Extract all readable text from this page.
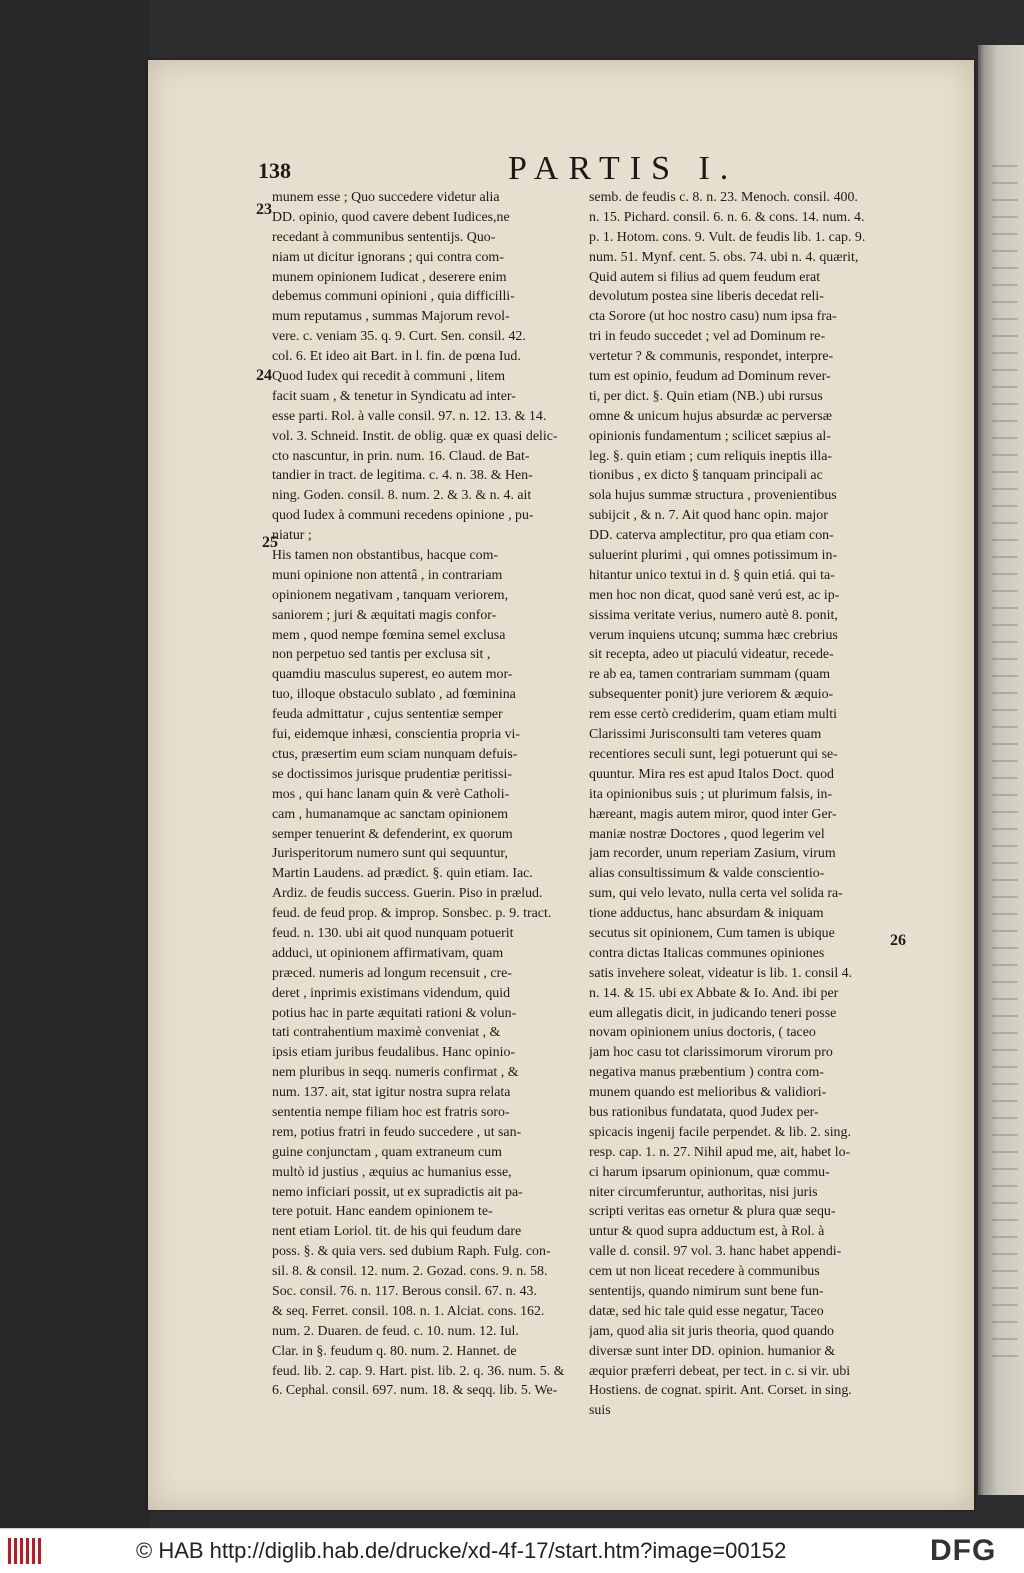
138	PARTIS I.
23
24
25
26
munem esse ; Quo succedere videtur alia
DD. opinio, quod cavere debent Iudices,ne
recedant à communibus sententijs. Quo-
niam ut dicitur ignorans ; qui contra com-
munem opinionem Iudicat , deserere enim
debemus communi opinioni , quia difficilli-
mum reputamus , summas Majorum revol-
vere. c. veniam 35. q. 9. Curt. Sen. consil. 42.
col. 6. Et ideo ait Bart. in l. fin. de pœna Iud.
Quod Iudex qui recedit à communi , litem
facit suam , & tenetur in Syndicatu ad inter-
esse parti. Rol. à valle consil. 97. n. 12. 13. & 14.
vol. 3. Schneid. Instit. de oblig. quæ ex quasi delic-
cto nascuntur, in prin. num. 16. Claud. de Bat-
tandier in tract. de legitima. c. 4. n. 38. & Hen-
ning. Goden. consil. 8. num. 2. & 3. & n. 4. ait
quod Iudex à communi recedens opinione , pu-
niatur ;
His tamen non obstantibus, hacque com-
muni opinione non attentâ , in contrariam
opinionem negativam , tanquam veriorem,
saniorem ; juri & æquitati magis confor-
mem , quod nempe fœmina semel exclusa
non perpetuo sed tantis per exclusa sit ,
quamdiu masculus superest, eo autem mor-
tuo, illoque obstaculo sublato , ad fœminina
feuda admittatur , cujus sententiæ semper
fui, eidemque inhæsi, conscientia propria vi-
ctus, præsertim eum sciam nunquam defuis-
se doctissimos jurisque prudentiæ peritissi-
mos , qui hanc lanam quin & verè Catholi-
cam , humanamque ac sanctam opinionem
semper tenuerint & defenderint, ex quorum
Jurisperitorum numero sunt qui sequuntur,
Martin Laudens. ad prædict. §. quin etiam. Iac.
Ardiz. de feudis success. Guerin. Piso in prælud.
feud. de feud prop. & improp. Sonsbec. p. 9. tract.
feud. n. 130. ubi ait quod nunquam potuerit
adduci, ut opinionem affirmativam, quam
præced. numeris ad longum recensuit , cre-
deret , inprimis existimans videndum, quid
potius hac in parte æquitati rationi & volun-
tati contrahentium maximè conveniat , &
ipsis etiam juribus feudalibus. Hanc opinio-
nem pluribus in seqq. numeris confirmat , &
num. 137. ait, stat igitur nostra supra relata
sententia nempe filiam hoc est fratris soro-
rem, potius fratri in feudo succedere , ut san-
guine conjunctam , quam extraneum cum
multò id justius , æquius ac humanius esse,
nemo inficiari possit, ut ex supradictis ait pa-
tere potuit. Hanc eandem opinionem te-
nent etiam Loriol. tit. de his qui feudum dare
poss. §. & quia vers. sed dubium Raph. Fulg. con-
sil. 8. & consil. 12. num. 2. Gozad. cons. 9. n. 58.
Soc. consil. 76. n. 117. Berous consil. 67. n. 43.
& seq. Ferret. consil. 108. n. 1. Alciat. cons. 162.
num. 2. Duaren. de feud. c. 10. num. 12. Iul.
Clar. in §. feudum q. 80. num. 2. Hannet. de
feud. lib. 2. cap. 9. Hart. pist. lib. 2. q. 36. num. 5. &
6. Cephal. consil. 697. num. 18. & seqq. lib. 5. We-
semb. de feudis c. 8. n. 23. Menoch. consil. 400.
n. 15. Pichard. consil. 6. n. 6. & cons. 14. num. 4.
p. 1. Hotom. cons. 9. Vult. de feudis lib. 1. cap. 9.
num. 51. Mynf. cent. 5. obs. 74. ubi n. 4. quærit,
Quid autem si filius ad quem feudum erat
devolutum postea sine liberis decedat reli-
cta Sorore (ut hoc nostro casu) num ipsa fra-
tri in feudo succedet ; vel ad Dominum re-
vertetur ? & communis, respondet, interpre-
tum est opinio, feudum ad Dominum rever-
ti, per dict. §. Quin etiam (NB.) ubi rursus
omne & unicum hujus absurdæ ac perversæ
opinionis fundamentum ; scilicet sæpius al-
leg. §. quin etiam ; cum reliquis ineptis illa-
tionibus , ex dicto § tanquam principali ac
sola hujus summæ structura , provenientibus
subijcit , & n. 7. Ait quod hanc opin. major
DD. caterva amplectitur, pro qua etiam con-
suluerint plurimi , qui omnes potissimum in-
hitantur unico textui in d. § quin etiá. qui ta-
men hoc non dicat, quod sanè verú est, ac ip-
sissima veritate verius, numero autè 8. ponit,
verum inquiens utcunq; summa hæc crebrius
sit recepta, adeo ut piaculú videatur, recede-
re ab ea, tamen contrariam summam (quam
subsequenter ponit) jure veriorem & æquio-
rem esse certò crediderim, quam etiam multi
Clarissimi Jurisconsulti tam veteres quam
recentiores seculi sunt, legi potuerunt qui se-
quuntur. Mira res est apud Italos Doct. quod
ita opinionibus suis ; ut plurimum falsis, in-
hæreant, magis autem miror, quod inter Ger-
maniæ nostræ Doctores , quod legerim vel
jam recorder, unum reperiam Zasium, virum
alias consultissimum & valde conscientio-
sum, qui velo levato, nulla certa vel solida ra-
tione adductus, hanc absurdam & iniquam
secutus sit opinionem, Cum tamen is ubique
contra dictas Italicas communes opiniones
satis invehere soleat, videatur is lib. 1. consil 4.
n. 14. & 15. ubi ex Abbate & Io. And. ibi per
eum allegatis dicit, in judicando teneri posse
novam opinionem unius doctoris, ( taceo
jam hoc casu tot clarissimorum virorum pro
negativa manus præbentium ) contra com-
munem quando est melioribus & validiori-
bus rationibus fundatata, quod Judex per-
spicacis ingenij facile perpendet. & lib. 2. sing.
resp. cap. 1. n. 27. Nihil apud me, ait, habet lo-
ci harum ipsarum opinionum, quæ commu-
niter circumferuntur, authoritas, nisi juris
scripti veritas eas ornetur & plura quæ sequ-
untur & quod supra adductum est, à Rol. à
valle d. consil. 97 vol. 3. hanc habet appendi-
cem ut non liceat recedere à communibus
sententijs, quando nimirum sunt bene fun-
datæ, sed hic tale quid esse negatur, Taceo
jam, quod alia sit juris theoria, quod quando
diversæ sunt inter DD. opinion. humanior &
æquior præferri debeat, per tect. in c. si vir. ubi
Hostiens. de cognat. spirit. Ant. Corset. in sing.
suis
© HAB http://diglib.hab.de/drucke/xd-4f-17/start.htm?image=00152	DFG
